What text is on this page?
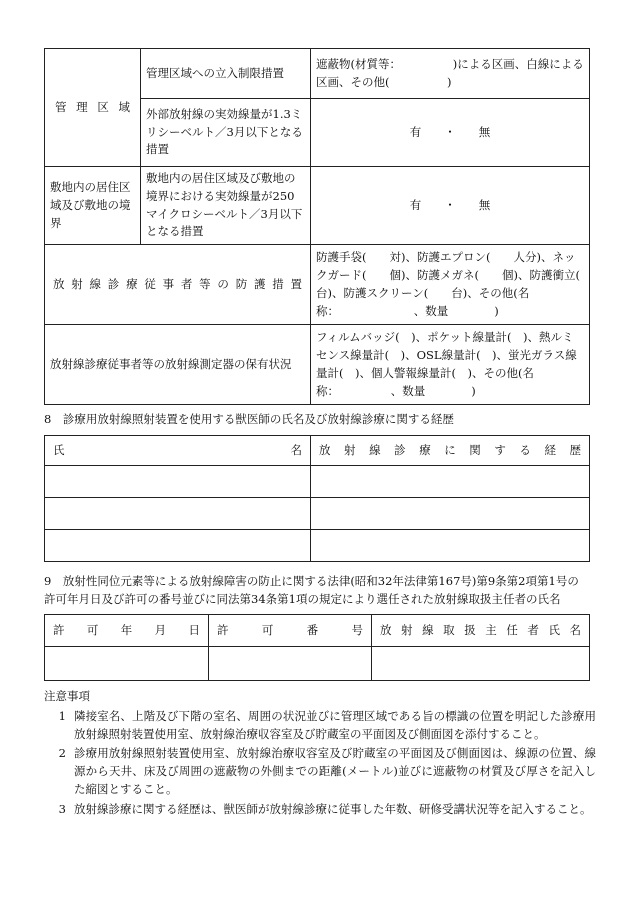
管 理 区 域	管理区域への立入制限措置	遮蔽物(材質等：　　　　　)による区画、白線による区画、その他(　　　　　)
	外部放射線の実効線量が1.3ミリシーベルト／3月以下となる措置	有　　・　　無
敷地内の居住区域及び敷地の境界	敷地内の居住区域及び敷地の境界における実効線量が250マイクロシーベルト／3月以下となる措置	有　　・　　無

放射線診療従事者等の防護措置		防護手袋(　　対)、防護エプロン(　　人分)、ネックガード(　　個)、防護メガネ(　　個)、防護衝立(　　台)、防護スクリーン(　　台)、その他(名称：　　　　　　　、数量　　　　)
放射線診療従事者等の放射線測定器の保有状況		フィルムバッジ(　)、ポケット線量計(　)、熱ルミセンス線量計(　)、OSL線量計(　)、蛍光ガラス線量計(　)、個人警報線量計(　)、その他(名称：　　　　　、数量　　　　)
8　診療用放射線照射装置を使用する獣医師の氏名及び放射線診療に関する経歴
氏名	放射線診療に関する経歴

9　放射性同位元素等による放射線障害の防止に関する法律(昭和32年法律第167号)第9条第2項第1号の

許可年月日及び許可の番号並びに同法第34条第1項の規定により選任された放射線取扱主任者の氏名

許可年月日	許可番号	放射線取扱主任者氏名

注意事項
1 隣接室名、上階及び下階の室名、周囲の状況並びに管理区域である旨の標識の位置を明記した診療用放射線照射装置使用室、放射線治療収容室及び貯蔵室の平面図及び側面図を添付すること。
2 診療用放射線照射装置使用室、放射線治療収容室及び貯蔵室の平面図及び側面図は、線源の位置、線源から天井、床及び周囲の遮蔽物の外側までの距離(メートル)並びに遮蔽物の材質及び厚さを記入した縮図とすること。
3 放射線診療に関する経歴は、獣医師が放射線診療に従事した年数、研修受講状況等を記入すること。
